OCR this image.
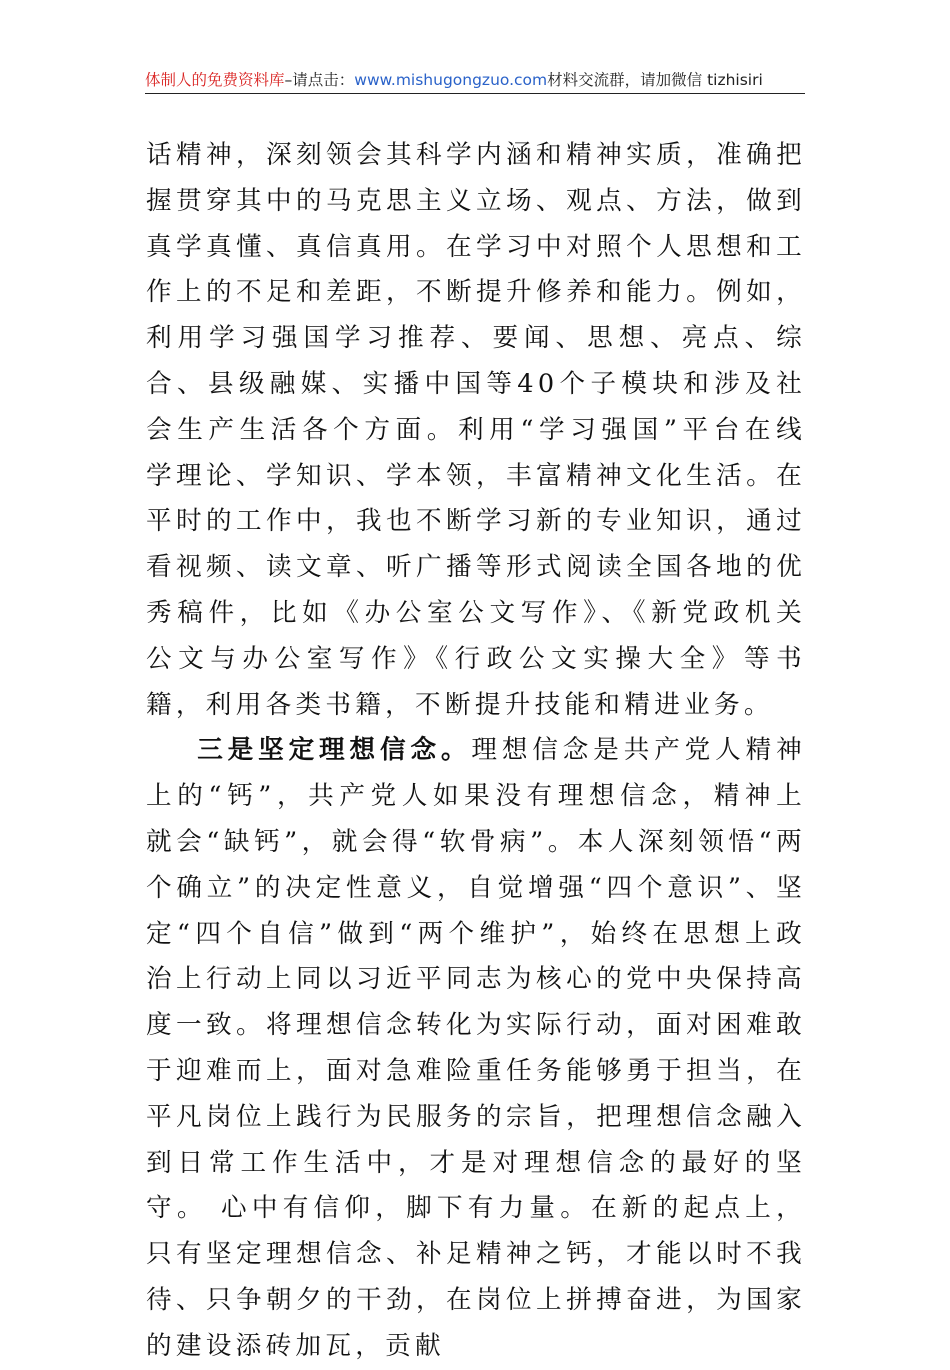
体制人的免费资料库 –请点击： www.mishugongzuo.com 材料交流群，请加微信 tizhisiri

话精神，深刻领会其科学内涵和精神实质，准确把握贯穿其中的马克思主义立场、观点、方法，做到真学真懂、真信真用。在学习中对照个人思想和工作上的不足和差距，不断提升修养和能力。例如，利用学习强国学习推荐、要闻、思想、亮点、综合、县级融媒、实播中国等40个子模块和涉及社会生产生活各个方面。利用“学习强国”平台在线学理论、学知识、学本领，丰富精神文化生活。在平时的工作中，我也不断学习新的专业知识，通过看视频、读文章、听广播等形式阅读全国各地的优秀稿件，比如《办公室公文写作》、《新党政机关公文与办公室写作》《行政公文实操大全》等书籍，利用各类书籍，不断提升技能和精进业务。

三是坚定理想信念。理想信念是共产党人精神上的“钙”，共产党人如果没有理想信念，精神上就会“缺钙”，就会得“软骨病”。本人深刻领悟“两个确立”的决定性意义，自觉增强“四个意识”、坚定“四个自信”做到“两个维护”，始终在思想上政治上行动上同以习近平同志为核心的党中央保持高度一致。将理想信念转化为实际行动，面对困难敢于迎难而上，面对急难险重任务能够勇于担当，在平凡岗位上践行为民服务的宗旨，把理想信念融入到日常工作生活中，才是对理想信念的最好的坚守。 心中有信仰，脚下有力量。在新的起点上，只有坚定理想信念、补足精神之钙，才能以时不我待、只争朝夕的干劲，在岗位上拼搏奋进，为国家的建设添砖加瓦，贡献
